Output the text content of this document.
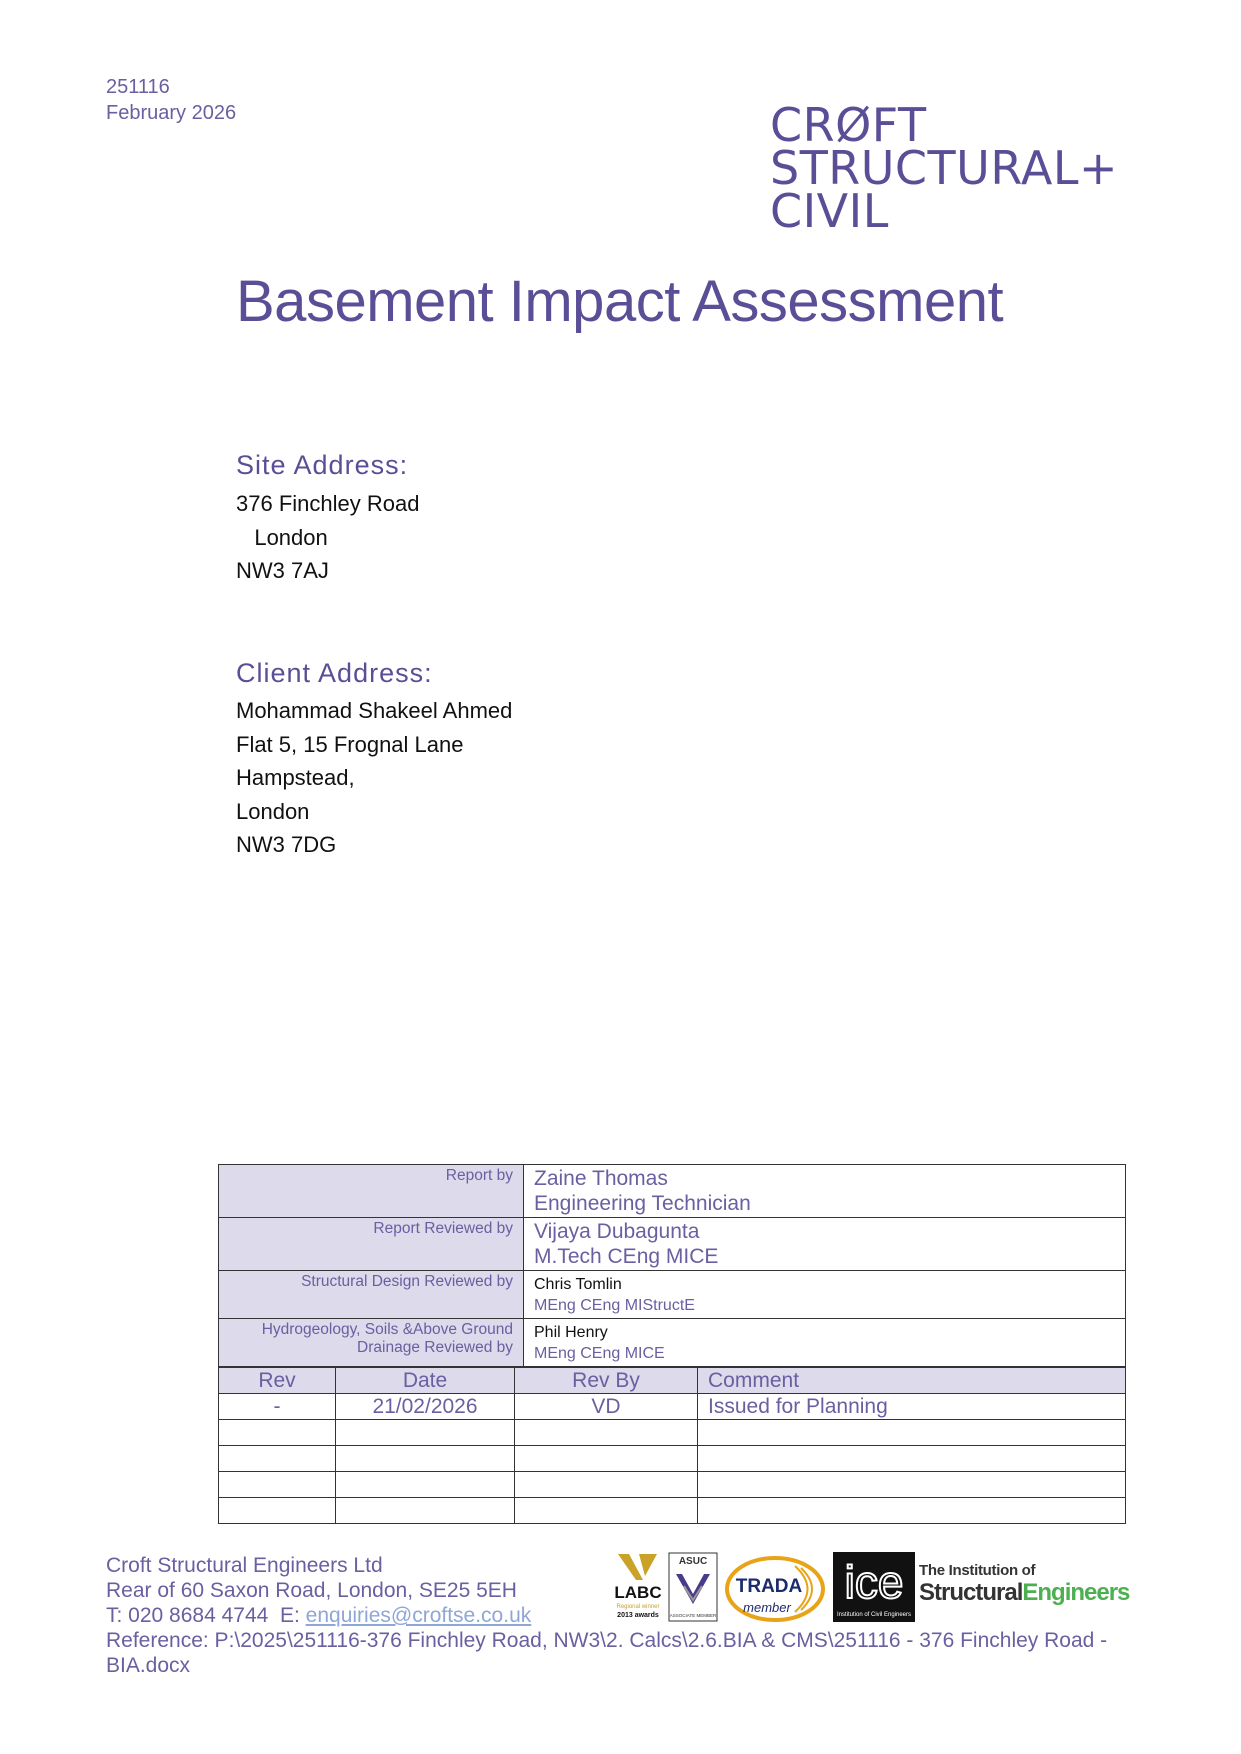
251116
February 2026	CRØFT
STRUCTURAL+
CIVIL
Basement Impact Assessment
Site Address:
376 Finchley Road
London
NW3 7AJ
Client Address:
Mohammad Shakeel Ahmed
Flat 5, 15 Frognal Lane
Hampstead,
London
NW3 7DG
Report by	Zaine Thomas
Engineering Technician

Report Reviewed by	Vijaya Dubagunta
M.Tech CEng MICE

Structural Design Reviewed by	Chris Tomlin
MEng CEng MIStructE

Hydrogeology, Soils &Above Ground Drainage Reviewed by	Phil Henry
MEng CEng MICE
Rev	Date	Rev By	Comment
-	21/02/2026	VD	Issued for Planning

Croft Structural Engineers Ltd
Rear of 60 Saxon Road, London, SE25 5EH
T: 020 8684 4744  E: enquiries@croftse.co.uk
Reference: P:\2025\251116-376 Finchley Road, NW3\2. Calcs\2.6.BIA & CMS\251116 - 376 Finchley Road - BIA.docx
LABC
Regional winner
2013 awards
ASUC
ASSOCIATE MEMBER
TRADA
member ice
Institution of Civil Engineers
The Institution of
StructuralEngineers
